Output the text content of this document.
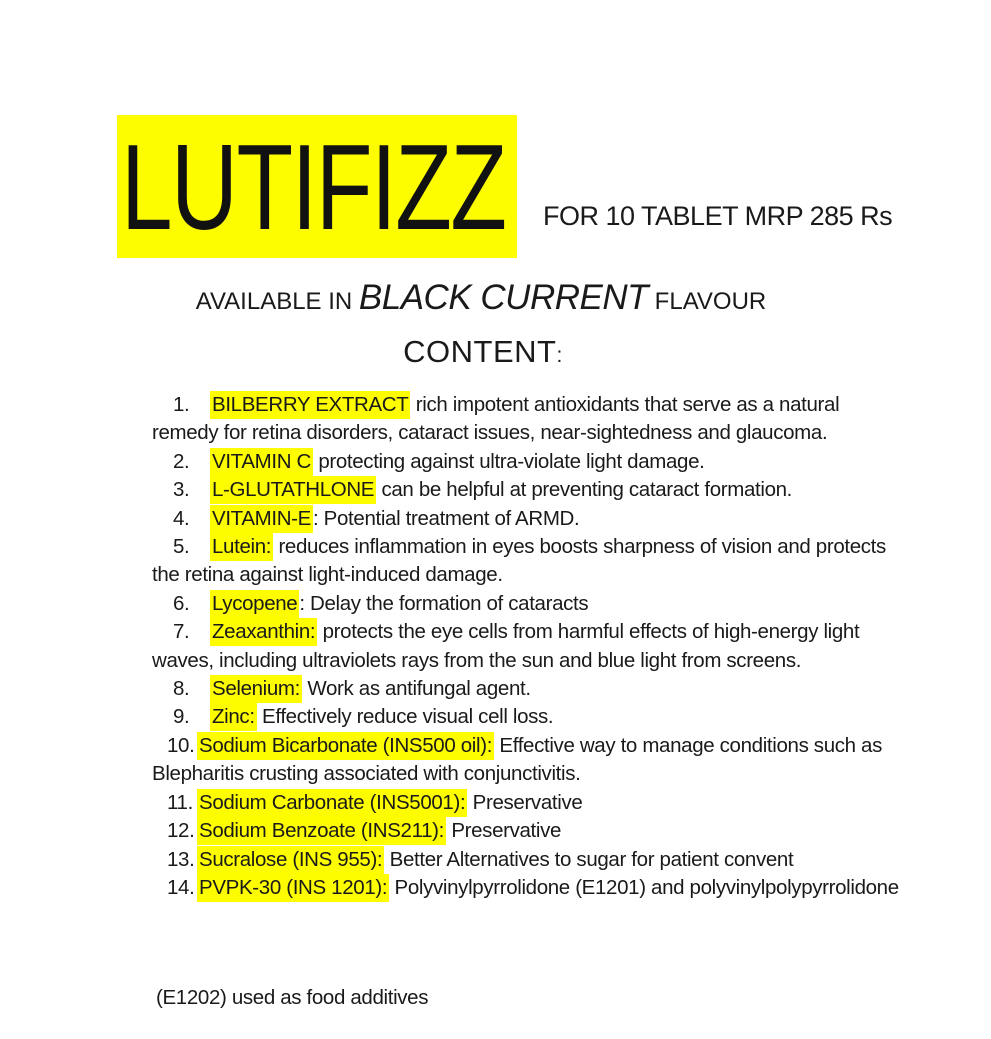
LUTIFIZZ FOR 10 TABLET MRP 285 Rs
AVAILABLE IN BLACK CURRENT FLAVOUR
CONTENT:

1. BILBERRY EXTRACT rich impotent antioxidants that serve as a natural remedy for retina disorders, cataract issues, near-sightedness and glaucoma.

2. VITAMIN C protecting against ultra-violate light damage.

3. L-GLUTATHLONE can be helpful at preventing cataract formation.

4. VITAMIN-E: Potential treatment of ARMD.

5. Lutein: reduces inflammation in eyes boosts sharpness of vision and protects the retina against light-induced damage.

6. Lycopene: Delay the formation of cataracts

7. Zeaxanthin: protects the eye cells from harmful effects of high-energy light waves, including ultraviolets rays from the sun and blue light from screens.

8. Selenium: Work as antifungal agent.

9. Zinc: Effectively reduce visual cell loss.

10. Sodium Bicarbonate (INS500 oil): Effective way to manage conditions such as Blepharitis crusting associated with conjunctivitis.

11. Sodium Carbonate (INS5001): Preservative

12. Sodium Benzoate (INS211): Preservative

13. Sucralose (INS 955): Better Alternatives to sugar for patient convent

14. PVPK-30 (INS 1201): Polyvinylpyrrolidone (E1201) and polyvinylpolypyrrolidone

(E1202) used as food additives
